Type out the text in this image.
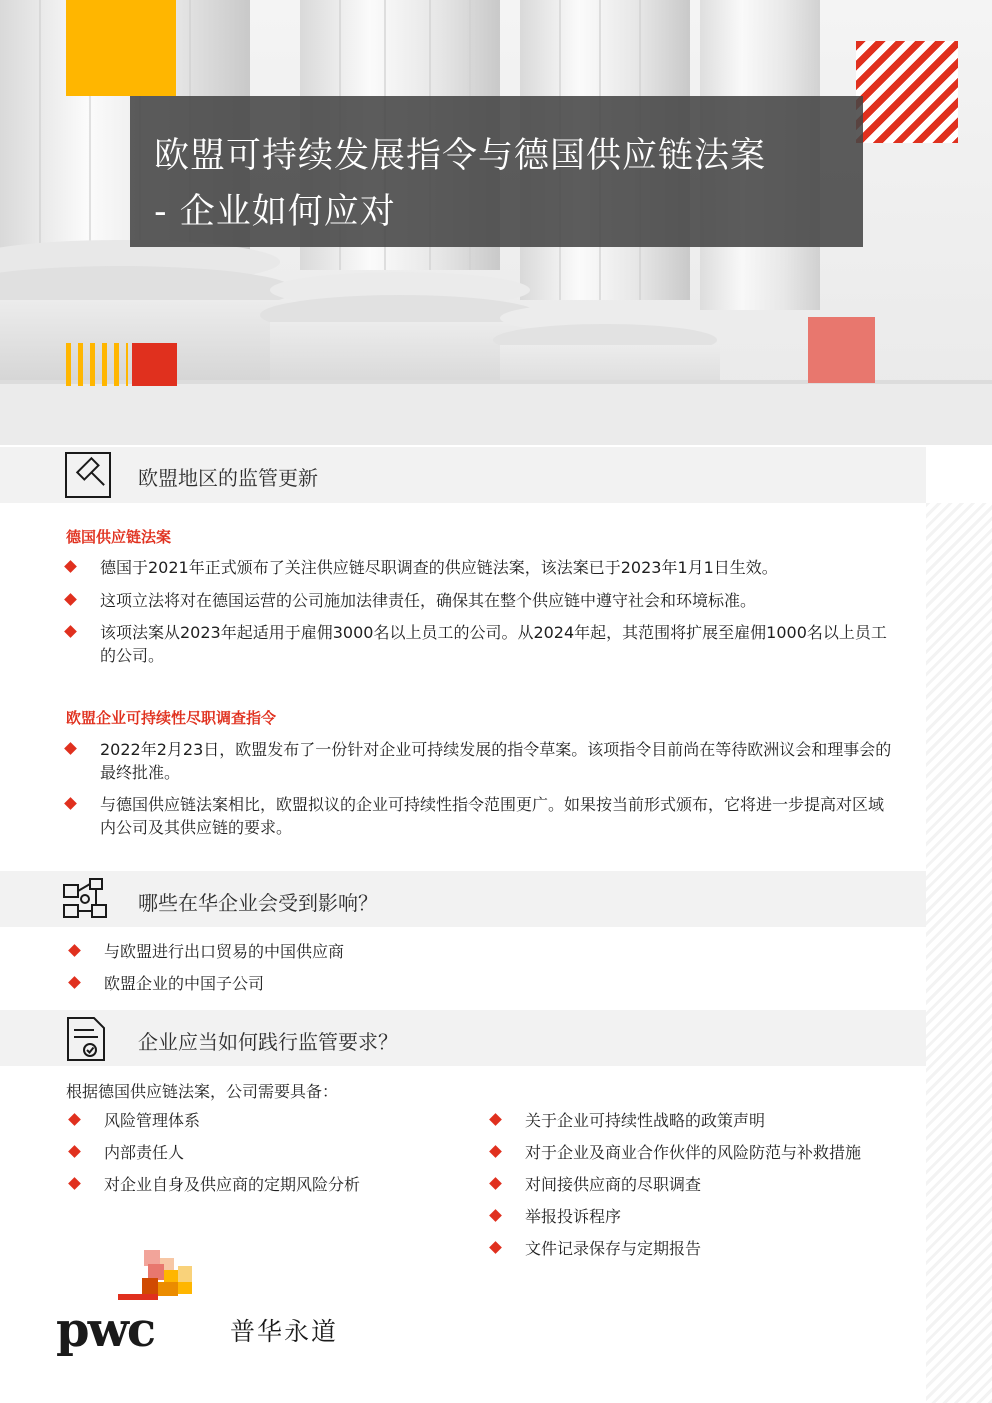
欧盟可持续发展指令与德国供应链法案
- 企业如何应对
欧盟地区的监管更新
德国供应链法案
德国于2021年正式颁布了关注供应链尽职调查的供应链法案，该法案已于2023年1月1日生效。
这项立法将对在德国运营的公司施加法律责任，确保其在整个供应链中遵守社会和环境标准。
该项法案从2023年起适用于雇佣3000名以上员工的公司。从2024年起，其范围将扩展至雇佣1000名以上员工的公司。
欧盟企业可持续性尽职调查指令
2022年2月23日，欧盟发布了一份针对企业可持续发展的指令草案。该项指令目前尚在等待欧洲议会和理事会的最终批准。
与德国供应链法案相比，欧盟拟议的企业可持续性指令范围更广。如果按当前形式颁布，它将进一步提高对区域内公司及其供应链的要求。
哪些在华企业会受到影响？
与欧盟进行出口贸易的中国供应商
欧盟企业的中国子公司
企业应当如何践行监管要求？
根据德国供应链法案，公司需要具备：
风险管理体系
内部责任人
对企业自身及供应商的定期风险分析
关于企业可持续性战略的政策声明
对于企业及商业合作伙伴的风险防范与补救措施
对间接供应商的尽职调查
举报投诉程序
文件记录保存与定期报告
pwc	普华永道
